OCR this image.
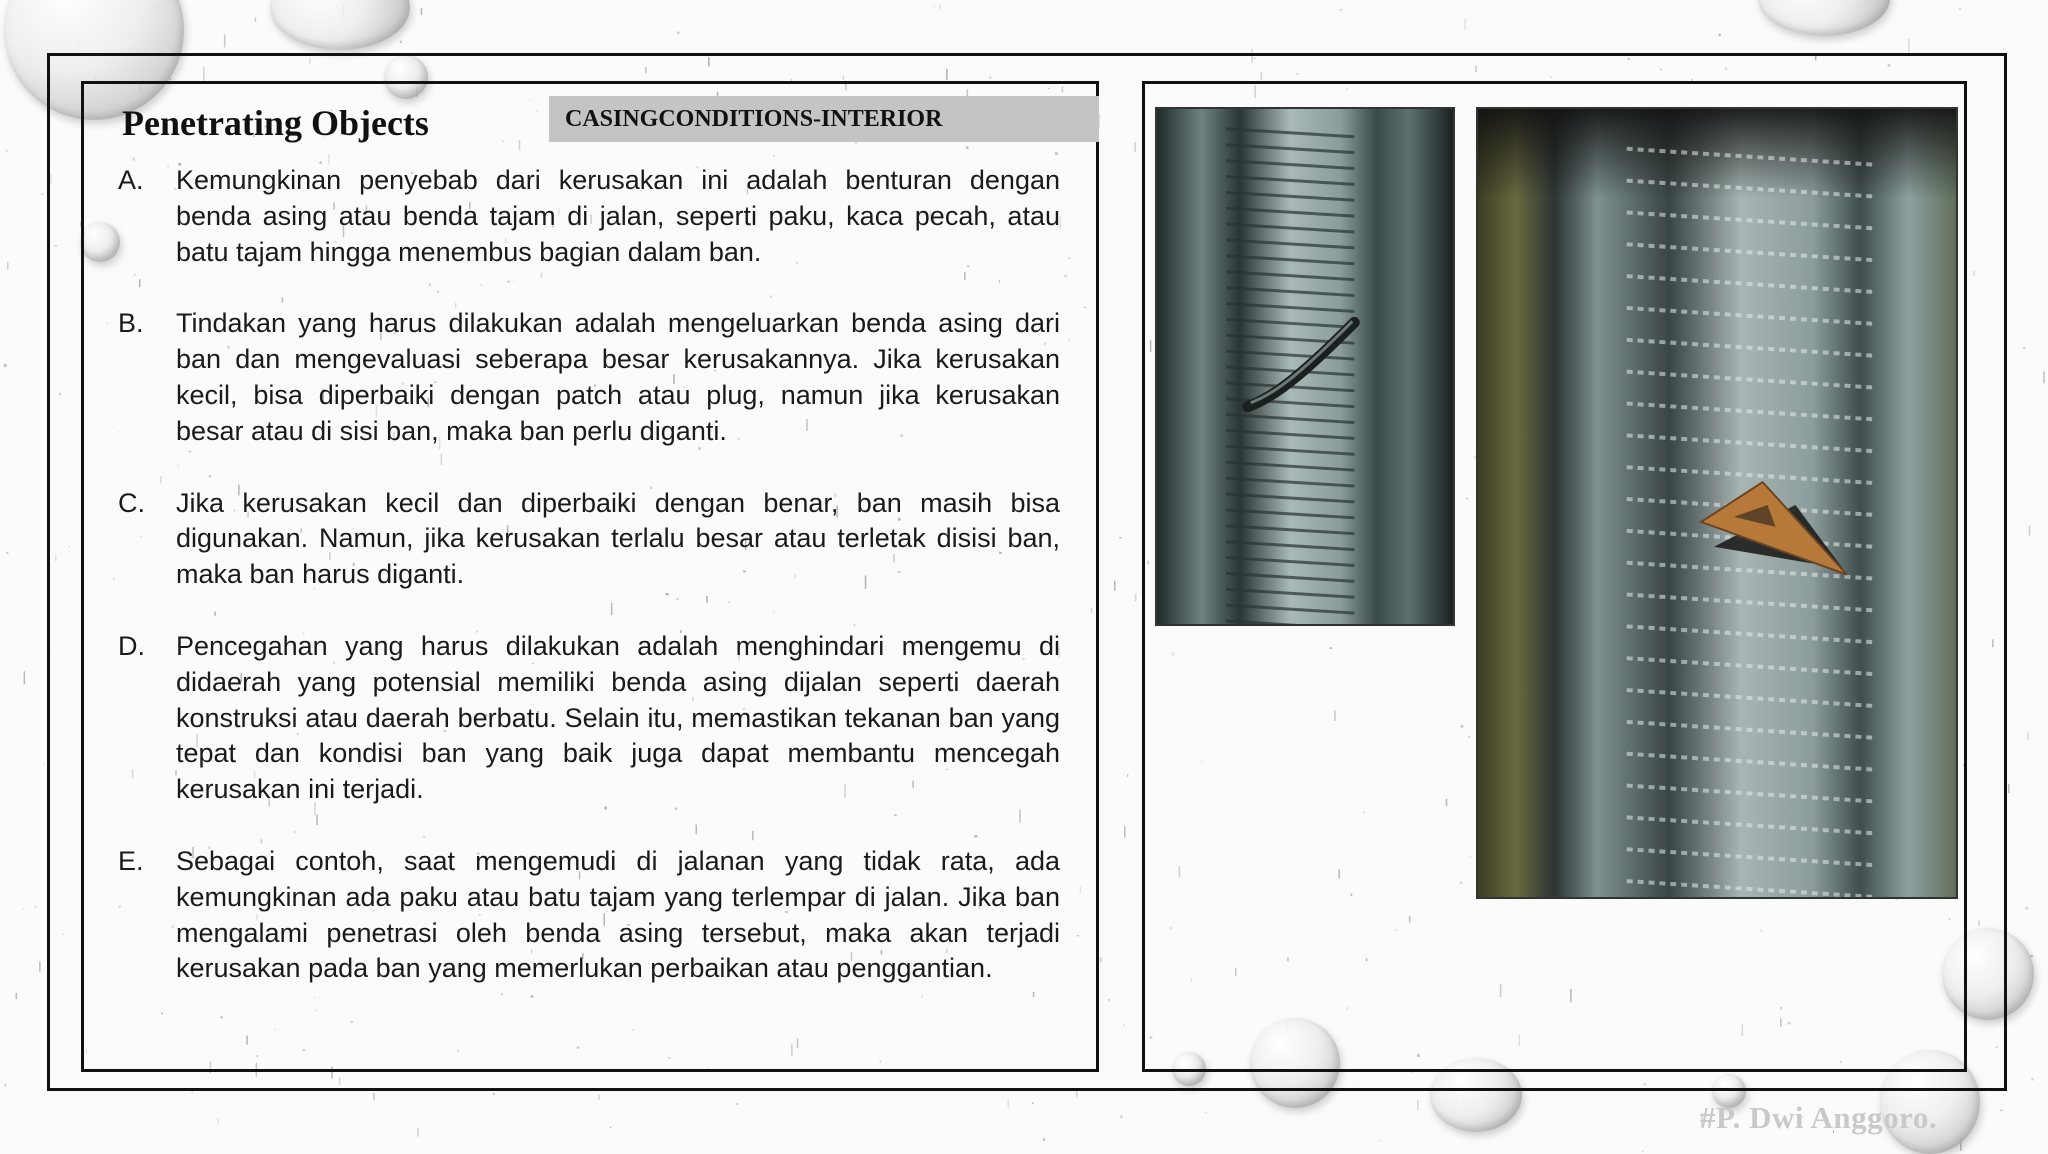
Penetrating Objects	CASINGCONDITIONS-INTERIOR
A.	Kemungkinan penyebab dari kerusakan ini adalah benturan dengan benda asing atau benda tajam di jalan, seperti paku, kaca pecah, atau batu tajam hingga menembus bagian dalam ban.
B.	Tindakan yang harus dilakukan adalah mengeluarkan benda asing dari ban dan mengevaluasi seberapa besar kerusakannya. Jika kerusakan kecil, bisa diperbaiki dengan patch atau plug, namun jika kerusakan besar atau di sisi ban, maka ban perlu diganti.
C.	Jika kerusakan kecil dan diperbaiki dengan benar, ban masih bisa digunakan. Namun, jika kerusakan terlalu besar atau terletak disisi ban, maka ban harus diganti.
D.	Pencegahan yang harus dilakukan adalah menghindari mengemu di didaerah yang potensial memiliki benda asing dijalan seperti daerah konstruksi atau daerah berbatu. Selain itu, memastikan tekanan ban yang tepat dan kondisi ban yang baik juga dapat membantu mencegah kerusakan ini terjadi.
E.	Sebagai contoh, saat mengemudi di jalanan yang tidak rata, ada kemungkinan ada paku atau batu tajam yang terlempar di jalan. Jika ban mengalami penetrasi oleh benda asing tersebut, maka akan terjadi kerusakan pada ban yang memerlukan perbaikan atau penggantian.
#P. Dwi Anggoro.
